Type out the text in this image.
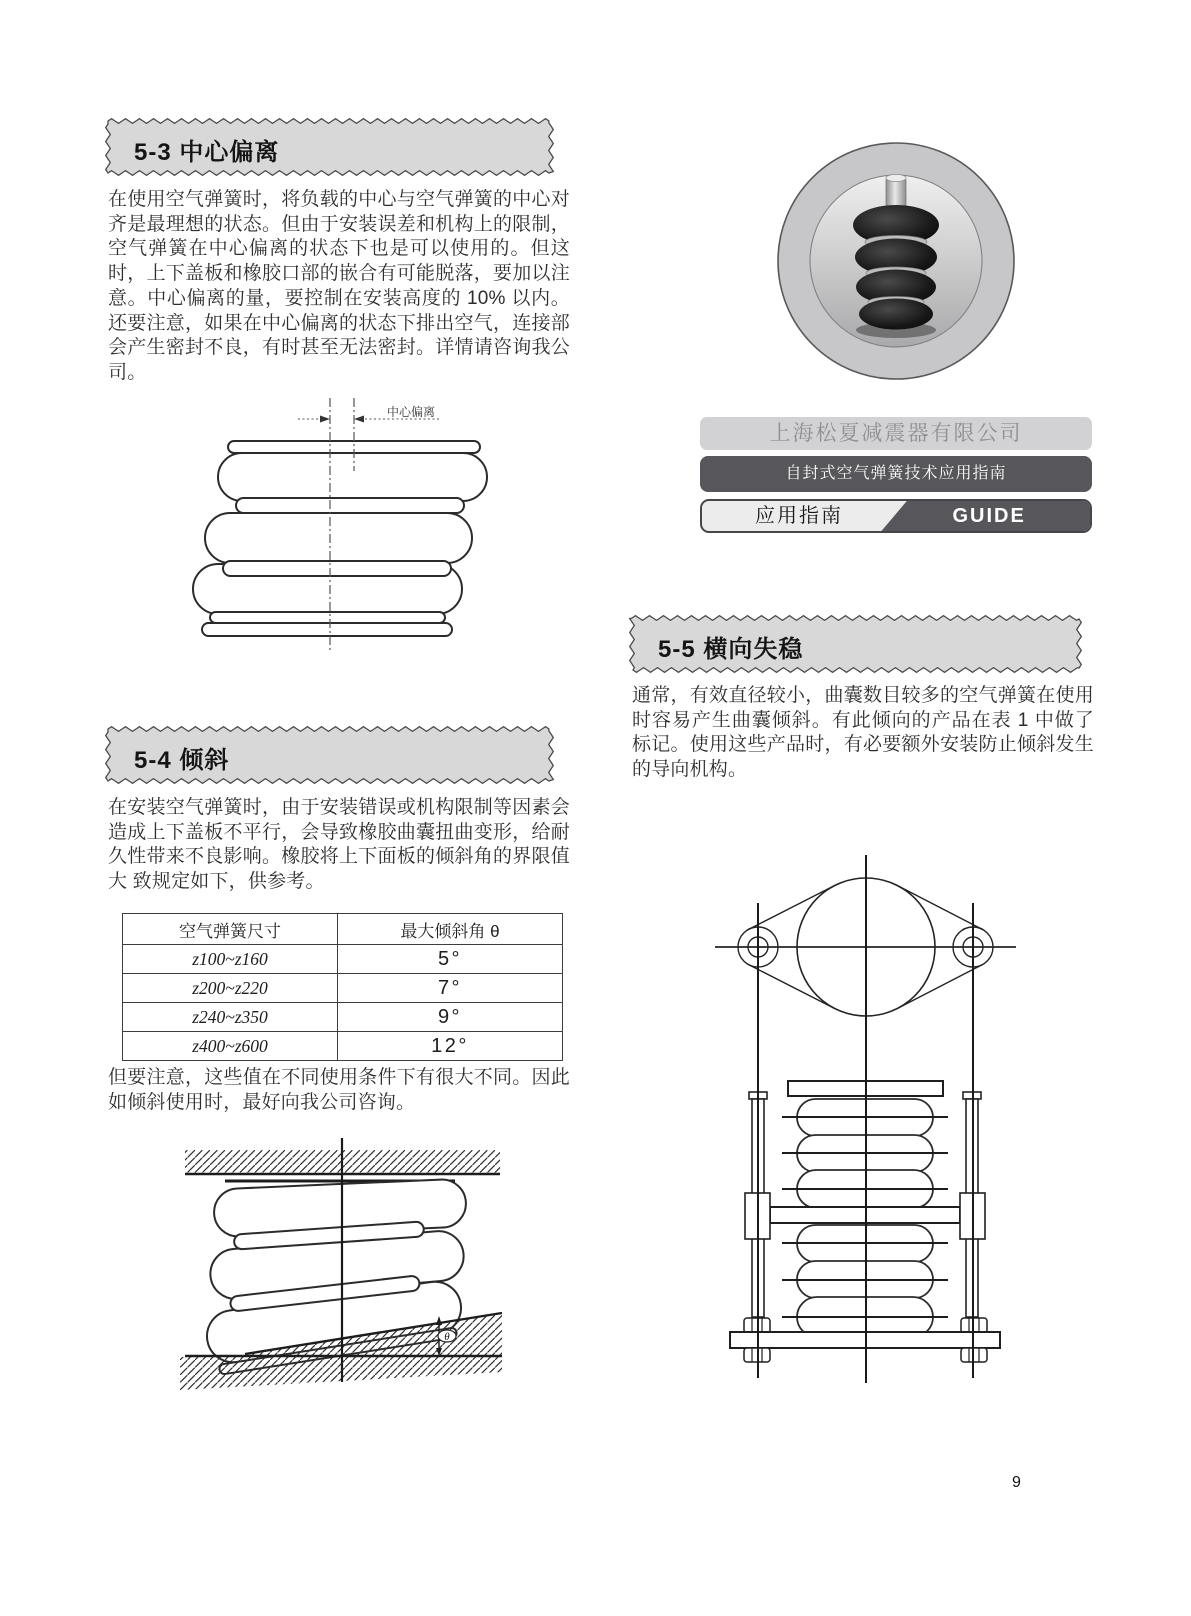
5-3 中心偏离

在使用空气弹簧时，将负载的中心与空气弹簧的中心对齐是最理想的状态。但由于安装误差和机构上的限制，空气弹簧在中心偏离的状态下也是可以使用的。但这时，上下盖板和橡胶口部的嵌合有可能脱落，要加以注意。中心偏离的量，要控制在安装高度的 10% 以内。还要注意，如果在中心偏离的状态下排出空气，连接部会产生密封不良，有时甚至无法密封。详情请咨询我公司。

中心偏离
5-4 倾斜

在安装空气弹簧时，由于安装错误或机构限制等因素会造成上下盖板不平行，会导致橡胶曲囊扭曲变形，给耐久性带来不良影响。橡胶将上下面板的倾斜角的界限值大 致规定如下，供参考。

空气弹簧尺寸	最大倾斜角 θ
z100~z160	5°
z200~z220	7°
z240~z350	9°
z400~z600	12°

但要注意，这些值在不同使用条件下有很大不同。因此如倾斜使用时，最好向我公司咨询。

θ
上海松夏减震器有限公司
自封式空气弹簧技术应用指南
应用指南	GUIDE
5-5 横向失稳

通常，有效直径较小，曲囊数目较多的空气弹簧在使用时容易产生曲囊倾斜。有此倾向的产品在表 1 中做了标记。使用这些产品时，有必要额外安装防止倾斜发生的导向机构。

9
